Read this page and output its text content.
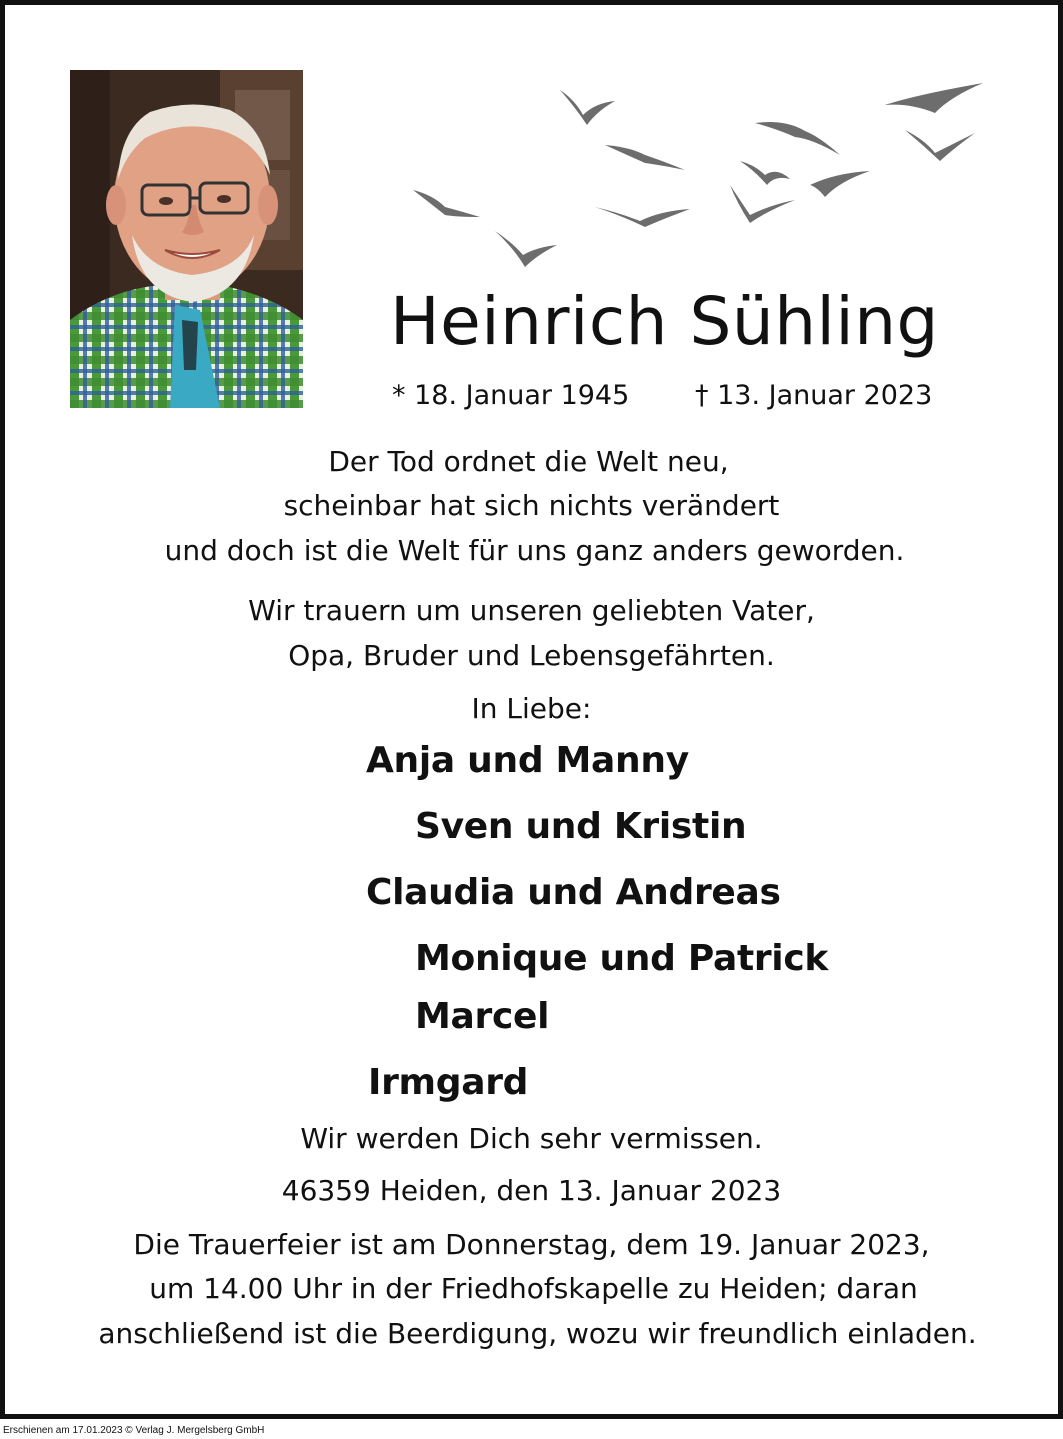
Heinrich Sühling
* 18. Januar 1945 † 13. Januar 2023
Der Tod ordnet die Welt neu,
scheinbar hat sich nichts verändert
und doch ist die Welt für uns ganz anders geworden.
Wir trauern um unseren geliebten Vater,
Opa, Bruder und Lebensgefährten.
In Liebe:
Anja und Manny
Sven und Kristin
Claudia und Andreas
Monique und Patrick
Marcel
Irmgard
Wir werden Dich sehr vermissen.
46359 Heiden, den 13. Januar 2023
Die Trauerfeier ist am Donnerstag, dem 19. Januar 2023,
um 14.00 Uhr in der Friedhofskapelle zu Heiden; daran
anschließend ist die Beerdigung, wozu wir freundlich einladen.
Erschienen am 17.01.2023 © Verlag J. Mergelsberg GmbH
